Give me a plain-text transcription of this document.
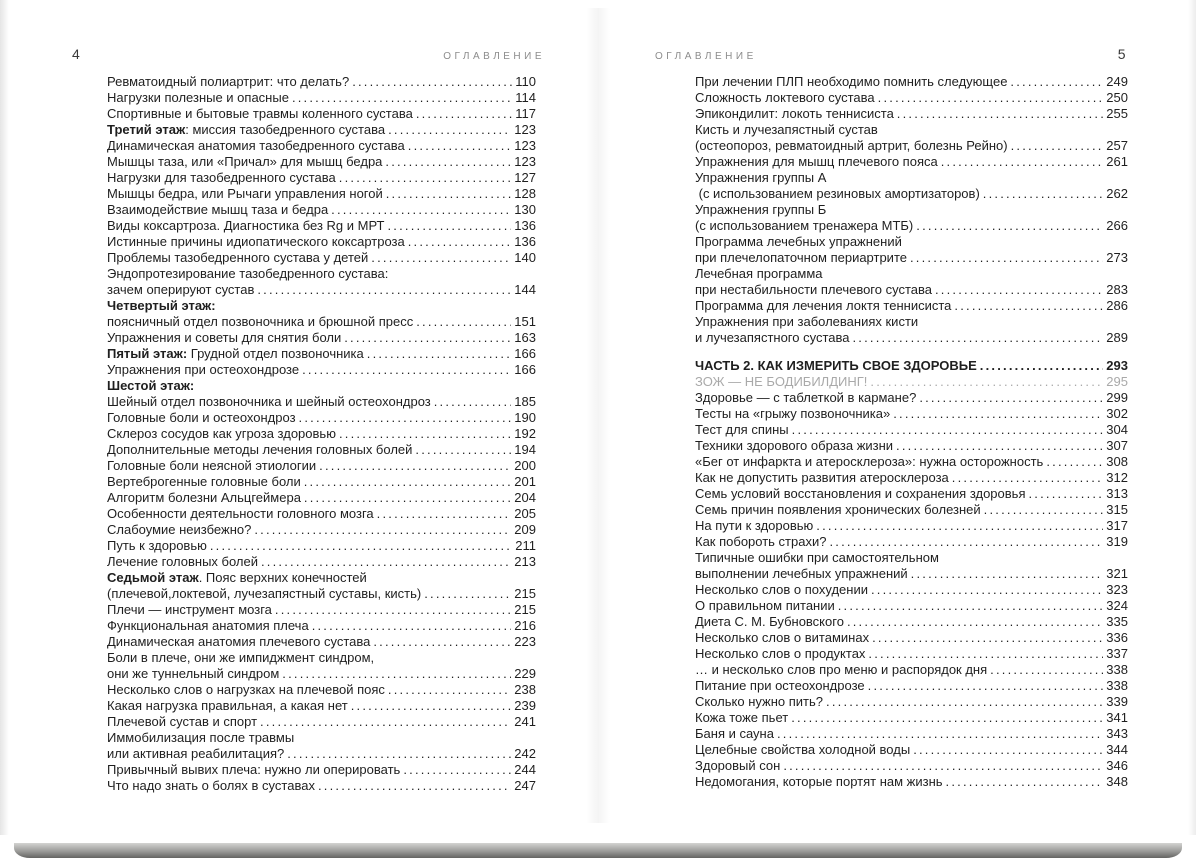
4	ОГЛАВЛЕНИЕ
Ревматоидный полиартрит: что делать? .....	110
Нагрузки полезные и опасные .....	114
Спортивные и бытовые травмы коленного сустава .....	117
Третий этаж: миссия тазобедренного сустава .....	123
Динамическая анатомия тазобедренного сустава .....	123
Мышцы таза, или «Причал» для мышц бедра .....	123
Нагрузки для тазобедренного сустава .....	127
Мышцы бедра, или Рычаги управления ногой .....	128
Взаимодействие мышц таза и бедра .....	130
Виды коксартроза. Диагностика без Rg и МРТ .....	136
Истинные причины идиопатического коксартроза .....	136
Проблемы тазобедренного сустава у детей .....	140
Эндопротезирование тазобедренного сустава:
зачем оперируют сустав .....	144
Четвертый этаж:
поясничный отдел позвоночника и брюшной пресс .....	151
Упражнения и советы для снятия боли .....	163
Пятый этаж: Грудной отдел позвоночника .....	166
Упражнения при остеохондрозе .....	166
Шестой этаж:
Шейный отдел позвоночника и шейный остеохондроз .....	185
Головные боли и остеохондроз .....	190
Склероз сосудов как угроза здоровью .....	192
Дополнительные методы лечения головных болей .....	194
Головные боли неясной этиологии .....	200
Вертеброгенные головные боли .....	201
Алгоритм болезни Альцгеймера .....	204
Особенности деятельности головного мозга .....	205
Слабоумие неизбежно? .....	209
Путь к здоровью .....	211
Лечение головных болей .....	213
Седьмой этаж. Пояс верхних конечностей
(плечевой,локтевой, лучезапястный суставы, кисть) .....	215
Плечи — инструмент мозга .....	215
Функциональная анатомия плеча .....	216
Динамическая анатомия плечевого сустава .....	223
Боли в плече, они же импиджмент синдром,
они же туннельный синдром .....	229
Несколько слов о нагрузках на плечевой пояс .....	238
Какая нагрузка правильная, а какая нет .....	239
Плечевой сустав и спорт .....	241
Иммобилизация после травмы
или активная реабилитация? .....	242
Привычный вывих плеча: нужно ли оперировать .....	244
Что надо знать о болях в суставах .....	247
ОГЛАВЛЕНИЕ	5
При лечении ПЛП необходимо помнить следующее .....	249
Сложность локтевого сустава .....	250
Эпикондилит: локоть теннисиста .....	255
Кисть и лучезапястный сустав
(остеопороз, ревматоидный артрит, болезнь Рейно) .....	257
Упражнения для мышц плечевого пояса .....	261
Упражнения группы А
(с использованием резиновых амортизаторов) .....	262
Упражнения группы Б
(с использованием тренажера МТБ) .....	266
Программа лечебных упражнений
при плечелопаточном периартрите .....	273
Лечебная программа
при нестабильности плечевого сустава .....	283
Программа для лечения локтя теннисиста .....	286
Упражнения при заболеваниях кисти
и лучезапястного сустава .....	289
ЧАСТЬ 2. КАК ИЗМЕРИТЬ СВОЕ ЗДОРОВЬЕ .....	293
ЗОЖ — НЕ БОДИБИЛДИНГ! .....	295
Здоровье — с таблеткой в кармане? .....	299
Тесты на «грыжу позвоночника» .....	302
Тест для спины .....	304
Техники здорового образа жизни .....	307
«Бег от инфаркта и атеросклероза»: нужна осторожность .....	308
Как не допустить развития атеросклероза .....	312
Семь условий восстановления и сохранения здоровья .....	313
Семь причин появления хронических болезней .....	315
На пути к здоровью .....	317
Как побороть страхи? .....	319
Типичные ошибки при самостоятельном
выполнении лечебных упражнений .....	321
Несколько слов о похудении .....	323
О правильном питании .....	324
Диета С. М. Бубновского .....	335
Несколько слов о витаминах .....	336
Несколько слов о продуктах .....	337
… и несколько слов про меню и распорядок дня .....	338
Питание при остеохондрозе .....	338
Сколько нужно пить? .....	339
Кожа тоже пьет .....	341
Баня и сауна .....	343
Целебные свойства холодной воды .....	344
Здоровый сон .....	346
Недомогания, которые портят нам жизнь .....	348
